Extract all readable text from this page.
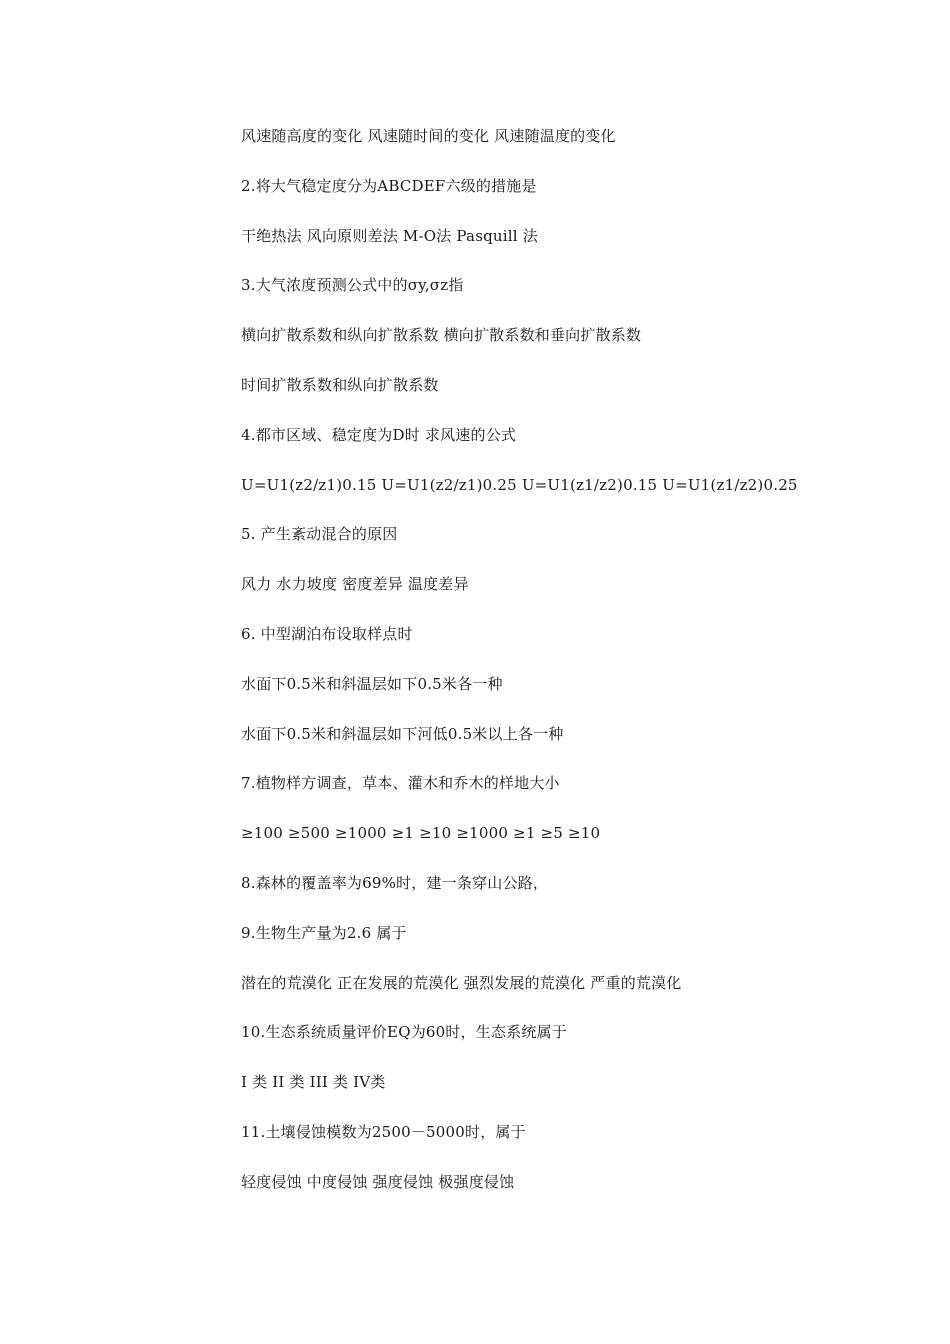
风速随高度的变化 风速随时间的变化 风速随温度的变化
2.将大气稳定度分为ABCDEF六级的措施是
干绝热法 风向原则差法 M-O法 Pasquill 法
3.大气浓度预测公式中的σy,σz指
横向扩散系数和纵向扩散系数 横向扩散系数和垂向扩散系数
时间扩散系数和纵向扩散系数
4.都市区域、稳定度为D时 求风速的公式
U=U1(z2/z1)0.15 U=U1(z2/z1)0.25 U=U1(z1/z2)0.15 U=U1(z1/z2)0.25
5. 产生紊动混合的原因
风力 水力坡度 密度差异 温度差异
6. 中型湖泊布设取样点时
水面下0.5米和斜温层如下0.5米各一种
水面下0.5米和斜温层如下河低0.5米以上各一种
7.植物样方调查，草本、灌木和乔木的样地大小
≥100 ≥500 ≥1000 ≥1 ≥10 ≥1000 ≥1 ≥5 ≥10
8.森林的覆盖率为69%时，建一条穿山公路，
9.生物生产量为2.6 属于
潜在的荒漠化 正在发展的荒漠化 强烈发展的荒漠化 严重的荒漠化
10.生态系统质量评价EQ为60时，生态系统属于
I 类 II 类 III 类 IV类
11.土壤侵蚀模数为2500－5000时，属于
轻度侵蚀 中度侵蚀 强度侵蚀 极强度侵蚀
